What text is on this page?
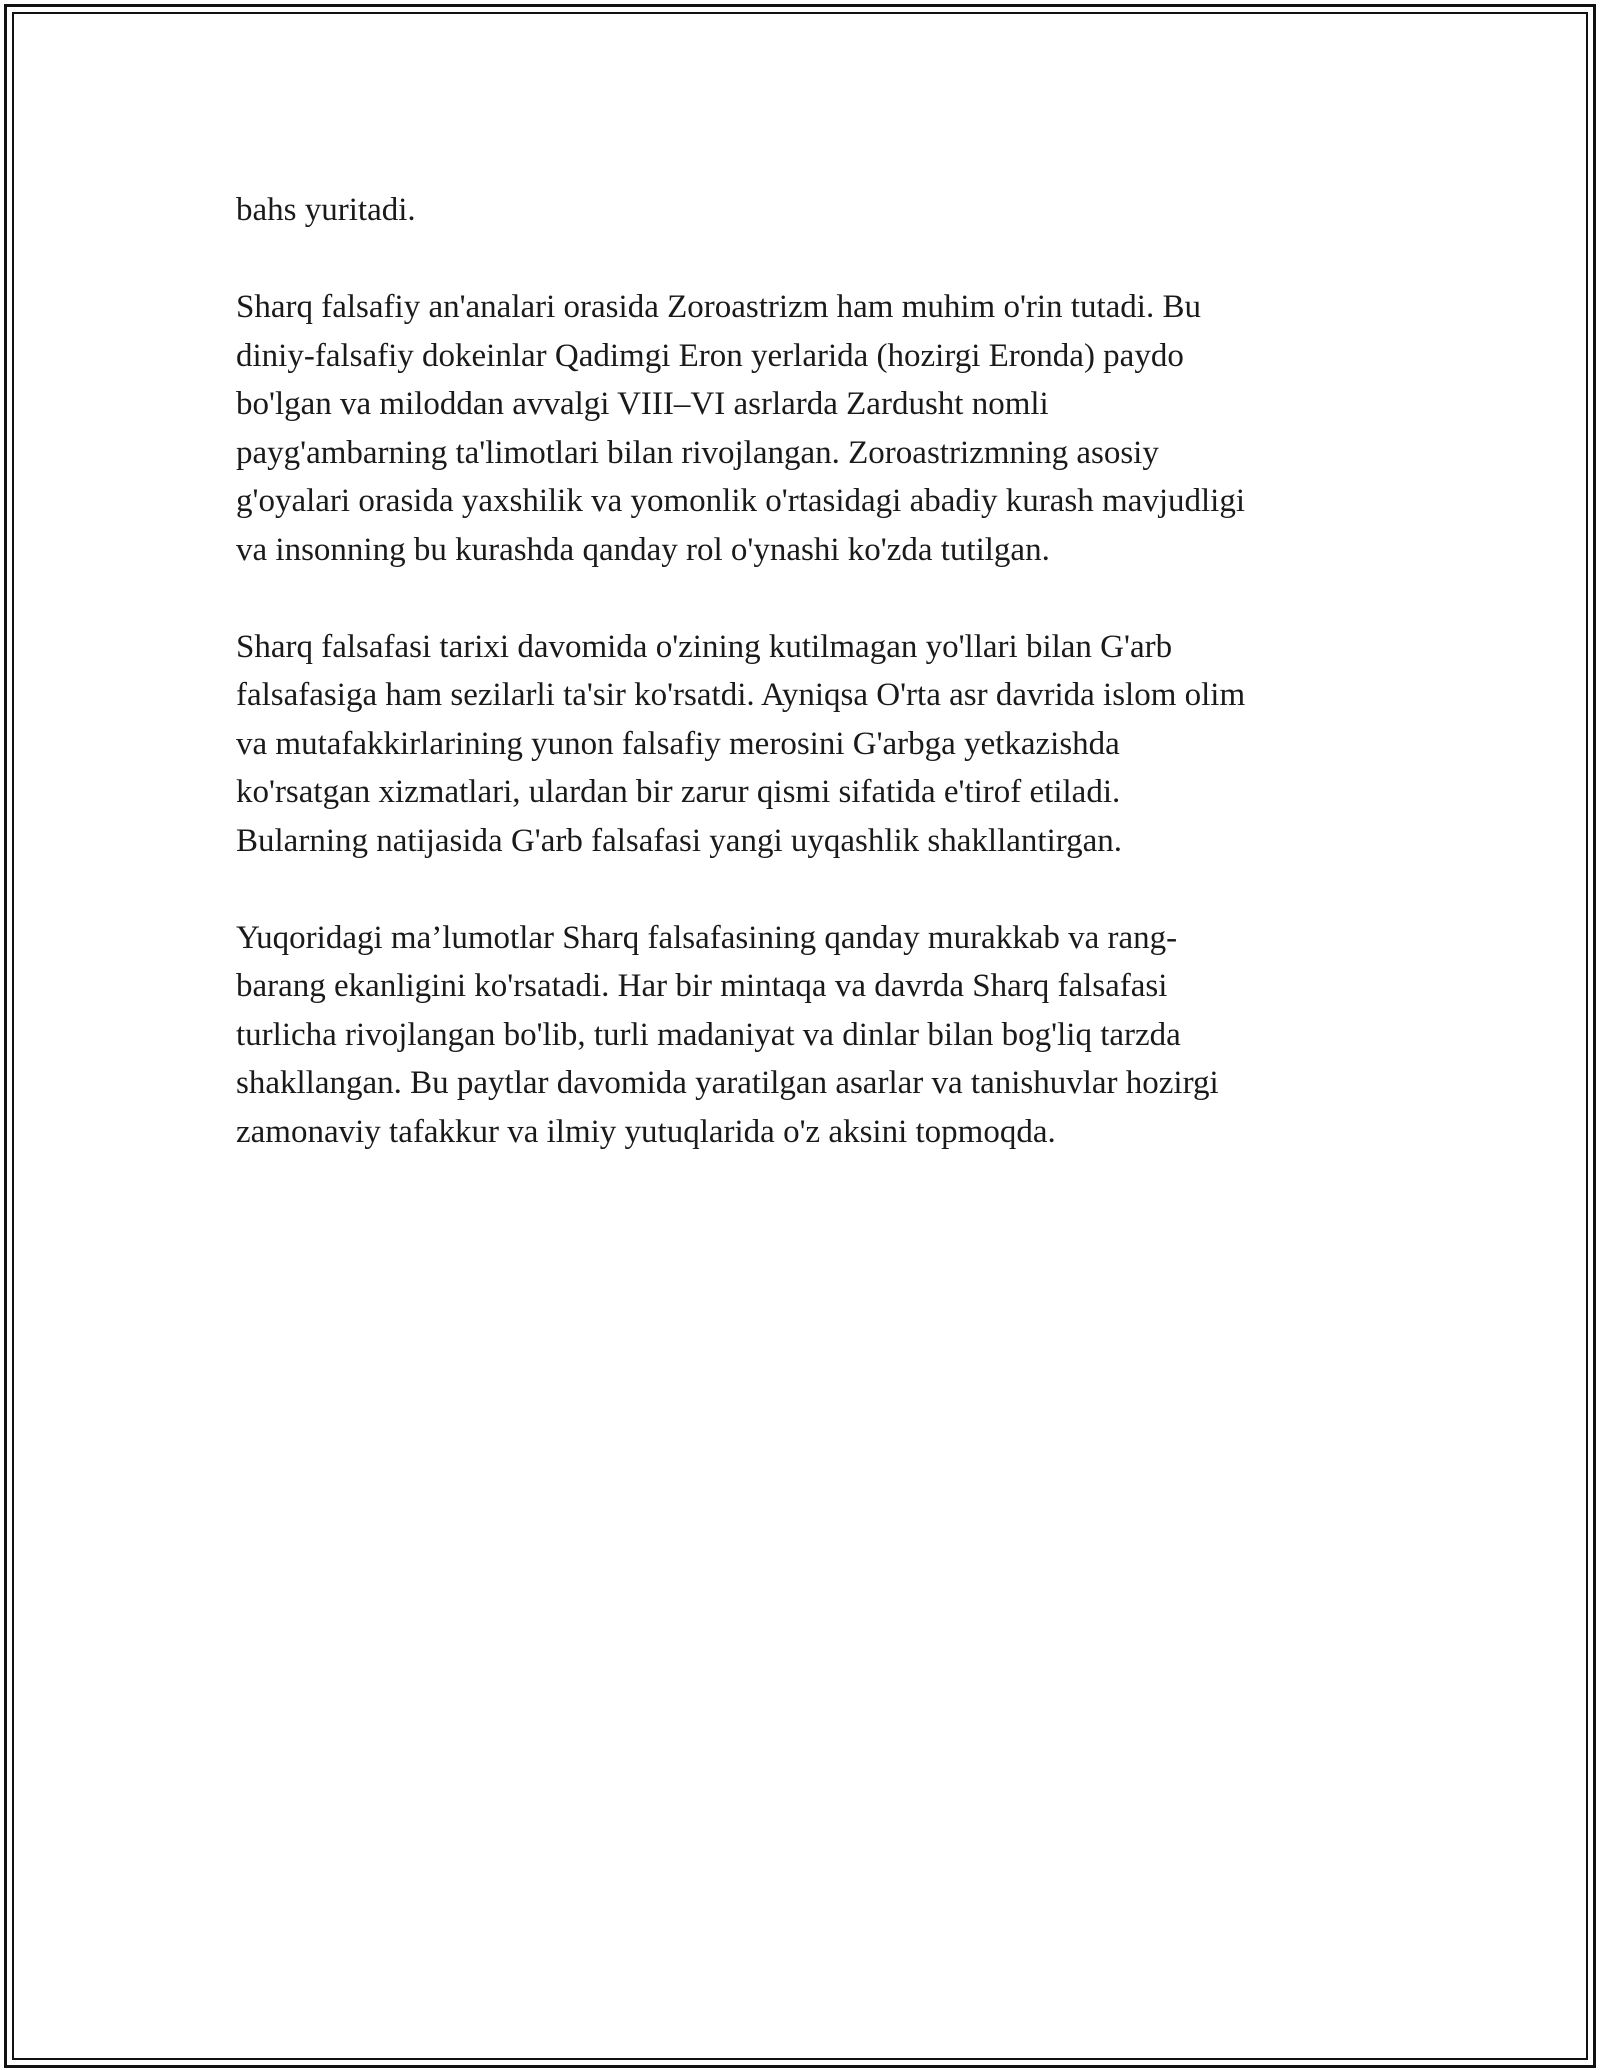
bahs yuritadi.

Sharq falsafiy an'analari orasida Zoroastrizm ham muhim o'rin tutadi. Bu
diniy-falsafiy dokeinlar Qadimgi Eron yerlarida (hozirgi Eronda) paydo
bo'lgan va miloddan avvalgi VIII–VI asrlarda Zardusht nomli
payg'ambarning ta'limotlari bilan rivojlangan. Zoroastrizmning asosiy
g'oyalari orasida yaxshilik va yomonlik o'rtasidagi abadiy kurash mavjudligi
va insonning bu kurashda qanday rol o'ynashi ko'zda tutilgan.

Sharq falsafasi tarixi davomida o'zining kutilmagan yo'llari bilan G'arb
falsafasiga ham sezilarli ta'sir ko'rsatdi. Ayniqsa O'rta asr davrida islom olim
va mutafakkirlarining yunon falsafiy merosini G'arbga yetkazishda
ko'rsatgan xizmatlari, ulardan bir zarur qismi sifatida e'tirof etiladi.
Bularning natijasida G'arb falsafasi yangi uyqashlik shakllantirgan.

Yuqoridagi ma’lumotlar Sharq falsafasining qanday murakkab va rang-
barang ekanligini ko'rsatadi. Har bir mintaqa va davrda Sharq falsafasi
turlicha rivojlangan bo'lib, turli madaniyat va dinlar bilan bog'liq tarzda
shakllangan. Bu paytlar davomida yaratilgan asarlar va tanishuvlar hozirgi
zamonaviy tafakkur va ilmiy yutuqlarida o'z aksini topmoqda.
